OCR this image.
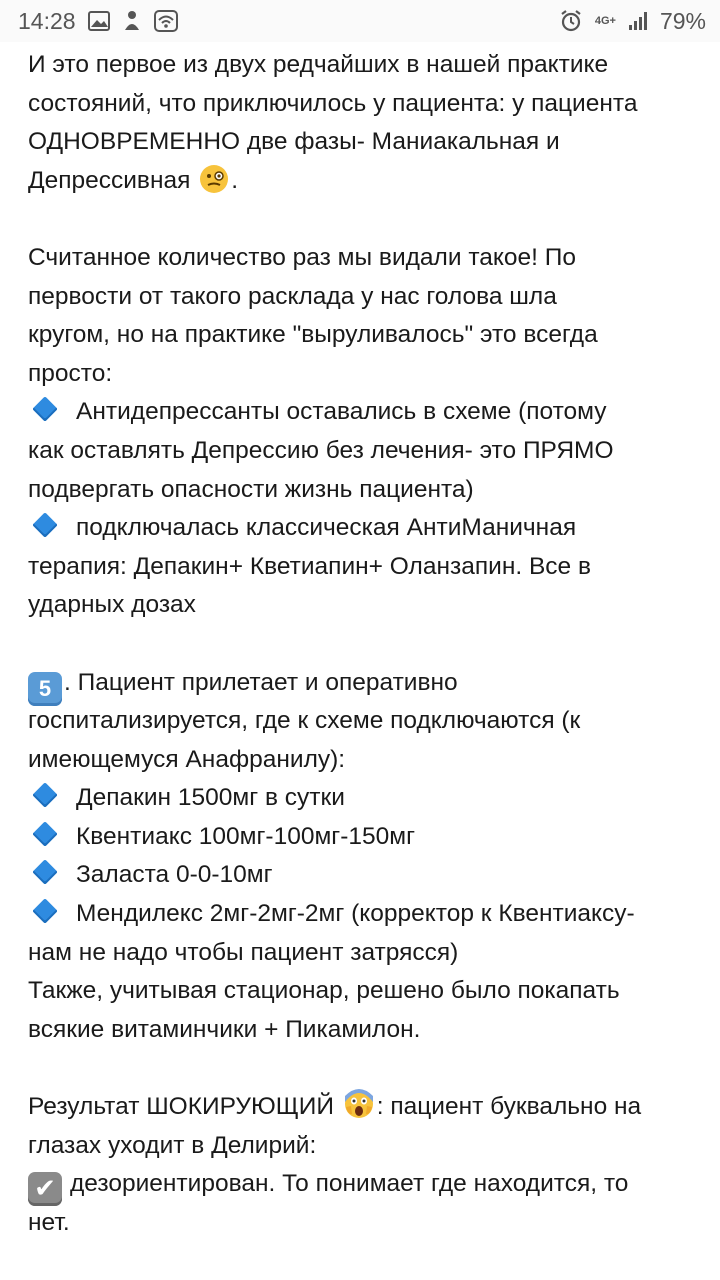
14:28	4G+ 79%
И это первое из двух редчайших в нашей практике
состояний, что приключилось у пациента: у пациента
ОДНОВРЕМЕННО две фазы- Маниакальная и
Депрессивная .
Считанное количество раз мы видали такое! По
первости от такого расклада у нас голова шла
кругом, но на практике "выруливалось" это всегда
просто:
Антидепрессанты оставались в схеме (потому
как оставлять Депрессию без лечения- это ПРЯМО
подвергать опасности жизнь пациента)
подключалась классическая АнтиМаничная
терапия: Депакин+ Кветиапин+ Оланзапин. Все в
ударных дозах
5 . Пациент прилетает и оперативно
госпитализируется, где к схеме подключаются (к
имеющемуся Анафранилу):
Депакин 1500мг в сутки
Квентиакс 100мг-100мг-150мг
Заласта 0-0-10мг
Мендилекс 2мг-2мг-2мг (корректор к Квентиаксу-
нам не надо чтобы пациент затрясся)
Также, учитывая стационар, решено было покапать
всякие витаминчики + Пикамилон.
Результат ШОКИРУЮЩИЙ : пациент буквально на
глазах уходит в Делирий:
✔ дезориентирован. То понимает где находится, то
нет.
